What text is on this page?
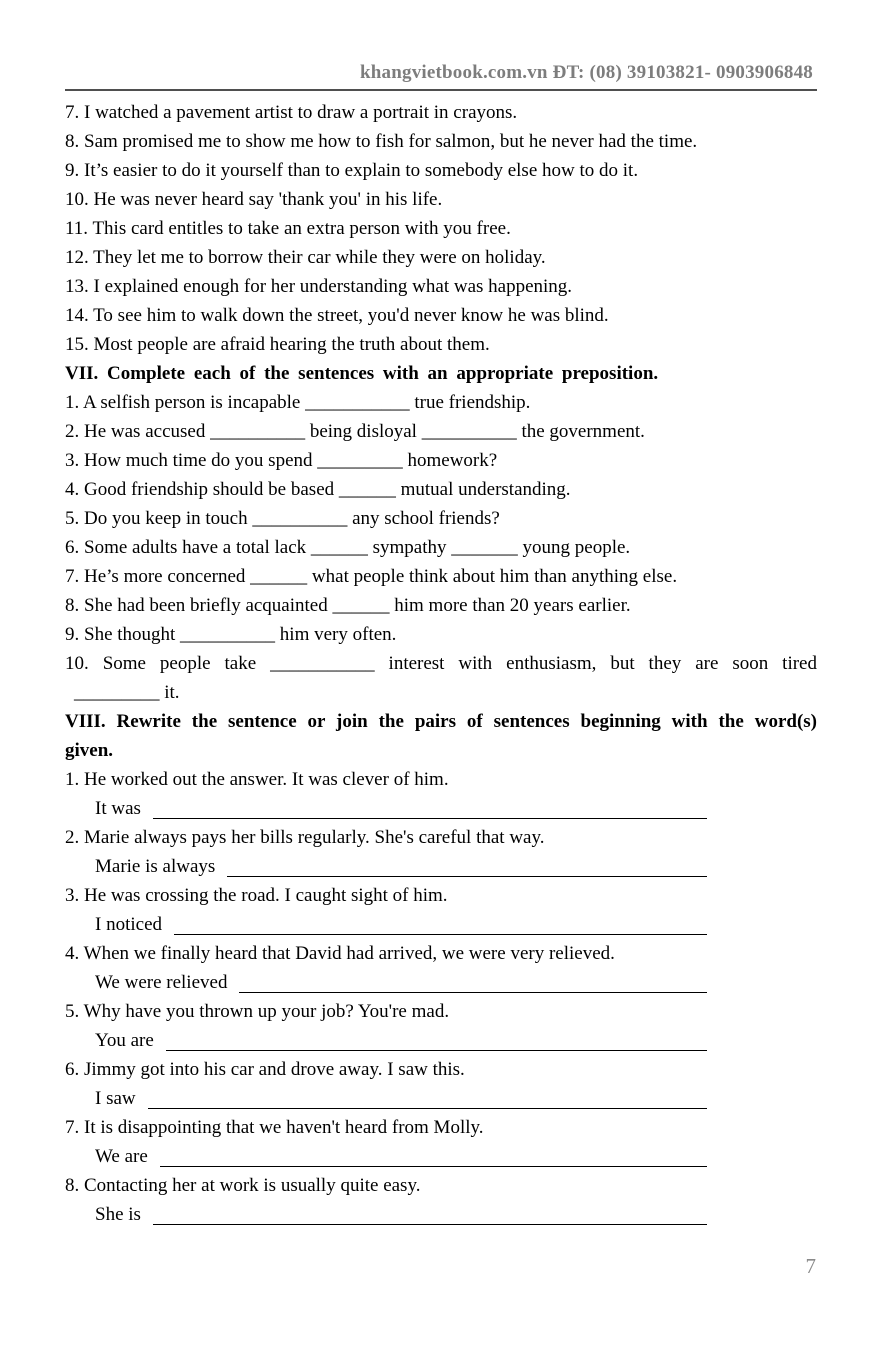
khangvietbook.com.vn ĐT: (08) 39103821- 0903906848
7. I watched a pavement artist to draw a portrait in crayons.
8. Sam promised me to show me how to fish for salmon, but he never had the time.
9. It’s easier to do it yourself than to explain to somebody else how to do it.
10. He was never heard say 'thank you' in his life.
11. This card entitles to take an extra person with you free.
12. They let me to borrow their car while they were on holiday.
13. I explained enough for her understanding what was happening.
14. To see him to walk down the street, you'd never know he was blind.
15. Most people are afraid hearing the truth about them.
VII. Complete each of the sentences with an appropriate preposition.
1. A selfish person is incapable ___________ true friendship.
2. He was accused __________ being disloyal __________ the government.
3. How much time do you spend _________ homework?
4. Good friendship should be based ______ mutual understanding.
5. Do you keep in touch __________ any school friends?
6. Some adults have a total lack ______ sympathy _______ young people.
7. He’s more concerned ______ what people think about him than anything else.
8. She had been briefly acquainted ______ him more than 20 years earlier.
9. She thought __________ him very often.
10. Some people take ___________ interest with enthusiasm, but they are soon tired
_________ it.
VIII. Rewrite the sentence or join the pairs of sentences beginning with the word(s)
given.
1. He worked out the answer. It was clever of him.
It was
2. Marie always pays her bills regularly. She's careful that way.
Marie is always
3. He was crossing the road. I caught sight of him.
I noticed
4. When we finally heard that David had arrived, we were very relieved.
We were relieved
5. Why have you thrown up your job? You're mad.
You are
6. Jimmy got into his car and drove away. I saw this.
I saw
7. It is disappointing that we haven't heard from Molly.
We are
8. Contacting her at work is usually quite easy.
She is
7
